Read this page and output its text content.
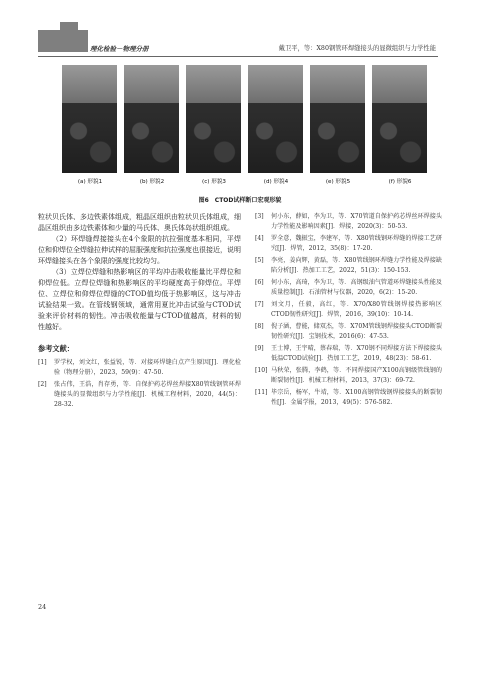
理化检验－物理分册	戴卫平，等：X80钢管环焊缝接头的显微组织与力学性能
(a) 形貌1	(b) 形貌2	(c) 形貌3	(d) 形貌4	(e) 形貌5	(f) 形貌6
图6　CTOD试样断口宏观形貌

粒状贝氏体、多边铁素体组成，粗晶区组织由粒状贝氏体组成，细晶区组织由多边铁素体和少量的马氏体、奥氏体岛状组织组成。

（2）环焊缝焊接接头在4个象限的抗拉强度基本相同，平焊位和仰焊位全焊缝拉伸试样的屈服强度和抗拉强度也很接近，说明环焊缝接头在各个象限的强度比较均匀。

（3）立焊位焊缝和热影响区的平均冲击吸收能量比平焊位和仰焊位低。立焊位焊缝和热影响区的平均硬度高于仰焊位。平焊位、立焊位和仰焊位焊缝的CTOD值均低于热影响区，这与冲击试验结果一致。在管线钢领域，通常用夏比冲击试验与CTOD试验来评价材料的韧性。冲击吸收能量与CTOD值越高，材料的韧性越好。

参考文献：

[1]	罗学权，刘文红，张益锐，等．对接环焊缝白点产生原因[J]．理化检验（物理分册），2023，59(9)：47-50.
[2]	张占伟，王浩，肖存勇，等．自保护药芯焊丝焊接X80管线钢管环焊缝接头的显微组织与力学性能[J]．机械工程材料，2020，44(5)：28-32.
[3]	何小东，薛如，李为卫，等．X70管道自保护药芯焊丝环焊接头力学性能及影响因素[J]．焊接，2020(3)：50-53.
[4]	罗全意，魏振宝，李建军，等．X80管线钢环焊缝的焊接工艺研究[J]．焊管，2012，35(8)：17-20.
[5]	李亮，姜向辉，黄磊，等．X80管线钢环焊缝力学性能及焊接缺陷分析[J]．热加工工艺，2022，51(3)：150-153.
[6]	何小东，高琦，李为卫，等．高钢级油气管道环焊缝接头性能及质量控制[J]．石油管材与仪器，2020，6(2)：15-20.
[7]	刘文月，任毅，高红，等．X70/X80管线钢焊接热影响区CTOD韧性研究[J]．焊管，2016，39(10)：10-14.
[8]	倪子涵，曹能，储双杰，等．X70M管线钢焊接接头CTOD断裂韧性研究[J]．宝钢技术，2016(6)：47-53.
[9]	王士博，王宇晴，蔡春瑞，等．X70钢不同焊接方法下焊接接头低温CTOD试验[J]．热加工工艺，2019，48(23)：58-61.
[10] 马秋荣，张腾，李鹤，等．不同焊接国产X100高钢级管线钢的断裂韧性[J]．机械工程材料，2013，37(3)：69-72.
[11] 毕宗岳，杨军，牛靖，等．X100高钢管线钢焊接接头的断裂韧性[J]．金属学报，2013，49(5)：576-582.
24
